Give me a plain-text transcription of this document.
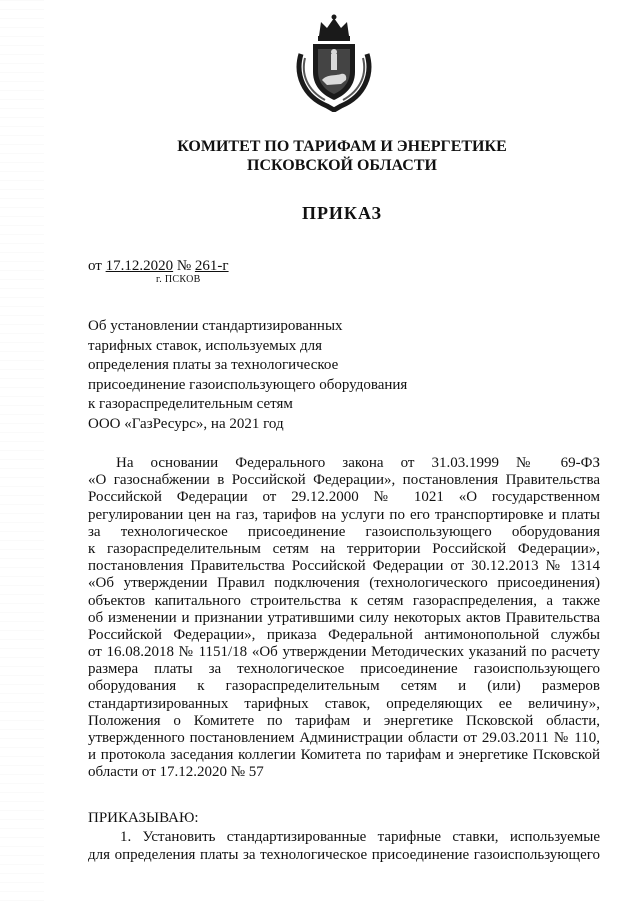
КОМИТЕТ ПО ТАРИФАМ И ЭНЕРГЕТИКЕ
ПСКОВСКОЙ ОБЛАСТИ
ПРИКАЗ
от 17.12.2020 № 261-г
г. ПСКОВ
Об установлении стандартизированных
тарифных ставок, используемых для
определения платы за технологическое
присоединение газоиспользующего оборудования
к газораспределительным сетям
ООО «ГазРесурс», на 2021 год
На основании Федерального закона от 31.03.1999 № 69-ФЗ
«О газоснабжении в Российской Федерации», постановления Правительства
Российской Федерации от 29.12.2000 № 1021 «О государственном
регулировании цен на газ, тарифов на услуги по его транспортировке и платы
за технологическое присоединение газоиспользующего оборудования
к газораспределительным сетям на территории Российской Федерации»,
постановления Правительства Российской Федерации от 30.12.2013 № 1314
«Об утверждении Правил подключения (технологического присоединения)
объектов капитального строительства к сетям газораспределения, а также
об изменении и признании утратившими силу некоторых актов Правительства
Российской Федерации», приказа Федеральной антимонопольной службы
от 16.08.2018 № 1151/18 «Об утверждении Методических указаний по расчету
размера платы за технологическое присоединение газоиспользующего
оборудования к газораспределительным сетям и (или) размеров
стандартизированных тарифных ставок, определяющих ее величину»,
Положения о Комитете по тарифам и энергетике Псковской области,
утвержденного постановлением Администрации области от 29.03.2011 № 110,
и протокола заседания коллегии Комитета по тарифам и энергетике Псковской
области от 17.12.2020 № 57
ПРИКАЗЫВАЮ:
1. Установить стандартизированные тарифные ставки, используемые
для определения платы за технологическое присоединение газоиспользующего
